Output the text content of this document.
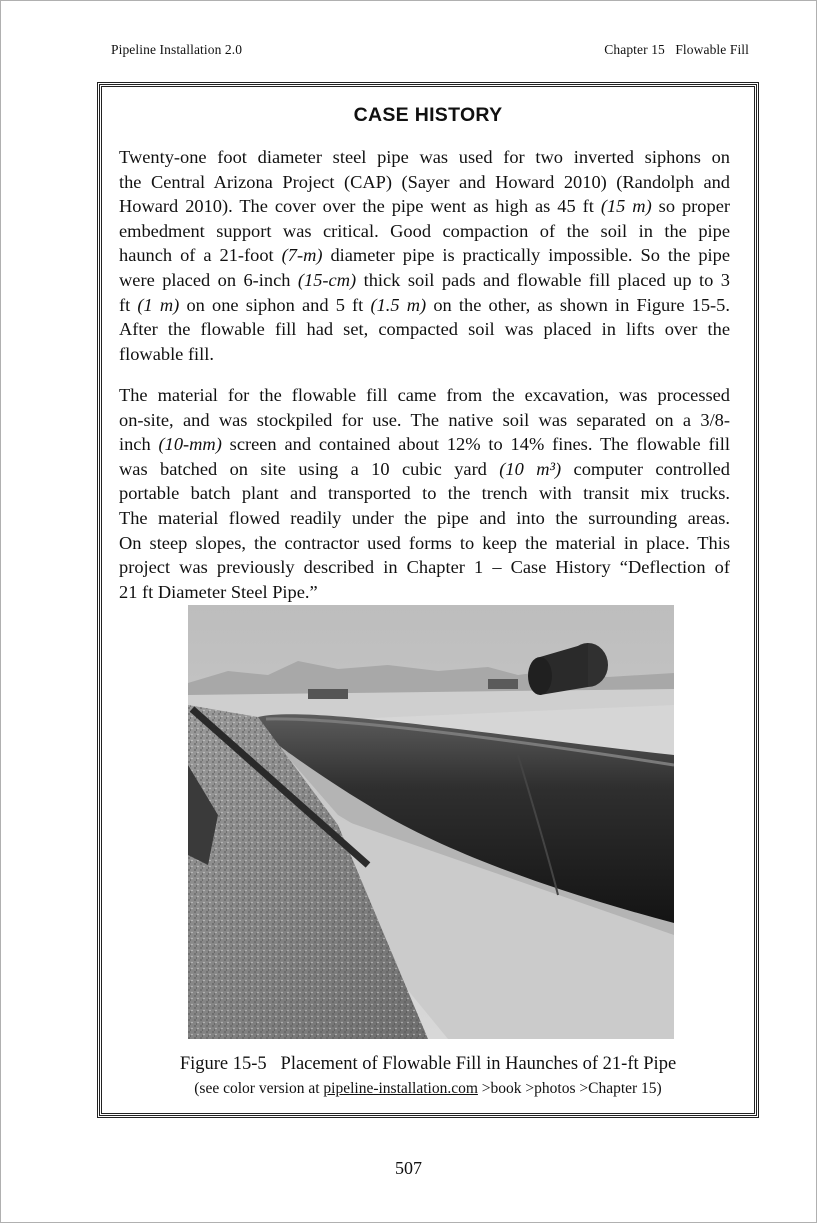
Pipeline Installation 2.0	Chapter 15   Flowable Fill
CASE HISTORY
Twenty-one foot diameter steel pipe was used for two inverted siphons on
the Central Arizona Project (CAP) (Sayer and Howard 2010) (Randolph and
Howard 2010). The cover over the pipe went as high as 45 ft (15 m) so proper
embedment support was critical. Good compaction of the soil in the pipe
haunch of a 21-foot (7-m) diameter pipe is practically impossible. So the pipe
were placed on 6-inch (15-cm) thick soil pads and flowable fill placed up to 3
ft (1 m) on one siphon and 5 ft (1.5 m) on the other, as shown in Figure 15-5.
After the flowable fill had set, compacted soil was placed in lifts over the
flowable fill.
The material for the flowable fill came from the excavation, was processed
on-site, and was stockpiled for use. The native soil was separated on a 3/8-
inch (10-mm) screen and contained about 12% to 14% fines. The flowable fill
was batched on site using a 10 cubic yard (10 m³) computer controlled
portable batch plant and transported to the trench with transit mix trucks.
The material flowed readily under the pipe and into the surrounding areas.
On steep slopes, the contractor used forms to keep the material in place. This
project was previously described in Chapter 1 – Case History “Deflection of
21 ft Diameter Steel Pipe.”
Figure 15-5   Placement of Flowable Fill in Haunches of 21-ft Pipe
(see color version at pipeline-installation.com >book >photos >Chapter 15)
507
